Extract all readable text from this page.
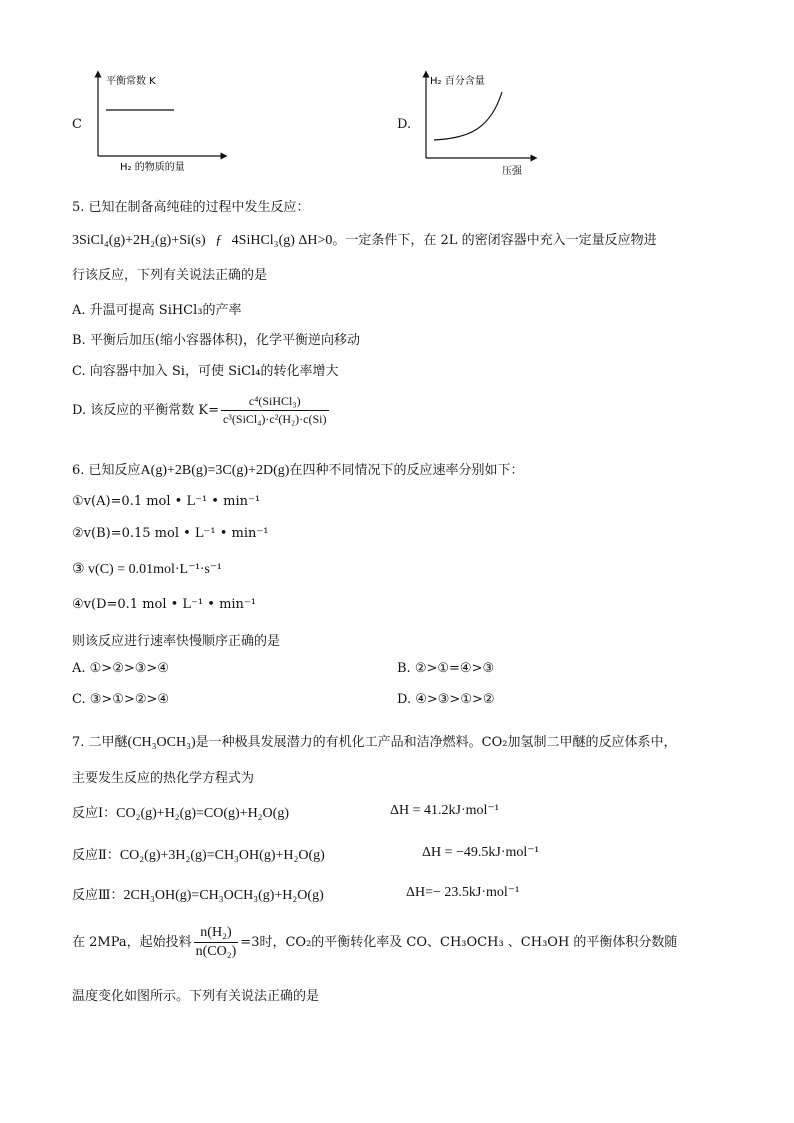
C
平衡常数 K
H₂ 的物质的量
D.
H₂ 百分含量
压强
5. 已知在制备高纯硅的过程中发生反应：
3SiCl₄(g)+2H₂(g)+Si(s) ƒ 4SiHCl₃(g) ΔH>0。一定条件下，在 2L 的密闭容器中充入一定量反应物进
行该反应，下列有关说法正确的是
A. 升温可提高 SiHCl₃的产率
B. 平衡后加压(缩小容器体积)，化学平衡逆向移动
C. 向容器中加入 Si，可使 SiCl₄的转化率增大
D. 该反应的平衡常数 $K= \frac{\text{c⁴(SiHCl₃)}}{\text{c³(SiCl₄)·c²(H₂)·c(Si)}}$
6. 已知反应A(g)+2B(g)=3C(g)+2D(g)在四种不同情况下的反应速率分别如下：
①v(A)=0.1 mol • L⁻¹ • min⁻¹
②v(B)=0.15 mol • L⁻¹ • min⁻¹
③ v(C) = 0.01mol·L⁻¹·s⁻¹
④v(D=0.1 mol • L⁻¹ • min⁻¹
则该反应进行速率快慢顺序正确的是
A. ①>②>③>④	B. ②>①=④>③
C. ③>①>②>④	D. ④>③>①>②
7. 二甲醚(CH₃OCH₃)是一种极具发展潜力的有机化工产品和洁净燃料。CO₂加氢制二甲醚的反应体系中，
主要发生反应的热化学方程式为
反应Ⅰ：CO₂(g)+H₂(g)=CO(g)+H₂O(g)	ΔH = 41.2kJ·mol⁻¹
反应Ⅱ：CO₂(g)+3H₂(g)=CH₃OH(g)+H₂O(g)	ΔH = −49.5kJ·mol⁻¹
反应Ⅲ：2CH₃OH(g)=CH₃OCH₃(g)+H₂O(g)	ΔH=− 23.5kJ·mol⁻¹
在 2MPa，起始投料 $\frac{\text{n(H₂)}}{\text{n(CO₂)}} =3$时，CO₂的平衡转化率及 CO、CH₃OCH₃ 、CH₃OH 的平衡体积分数随
温度变化如图所示。下列有关说法正确的是
